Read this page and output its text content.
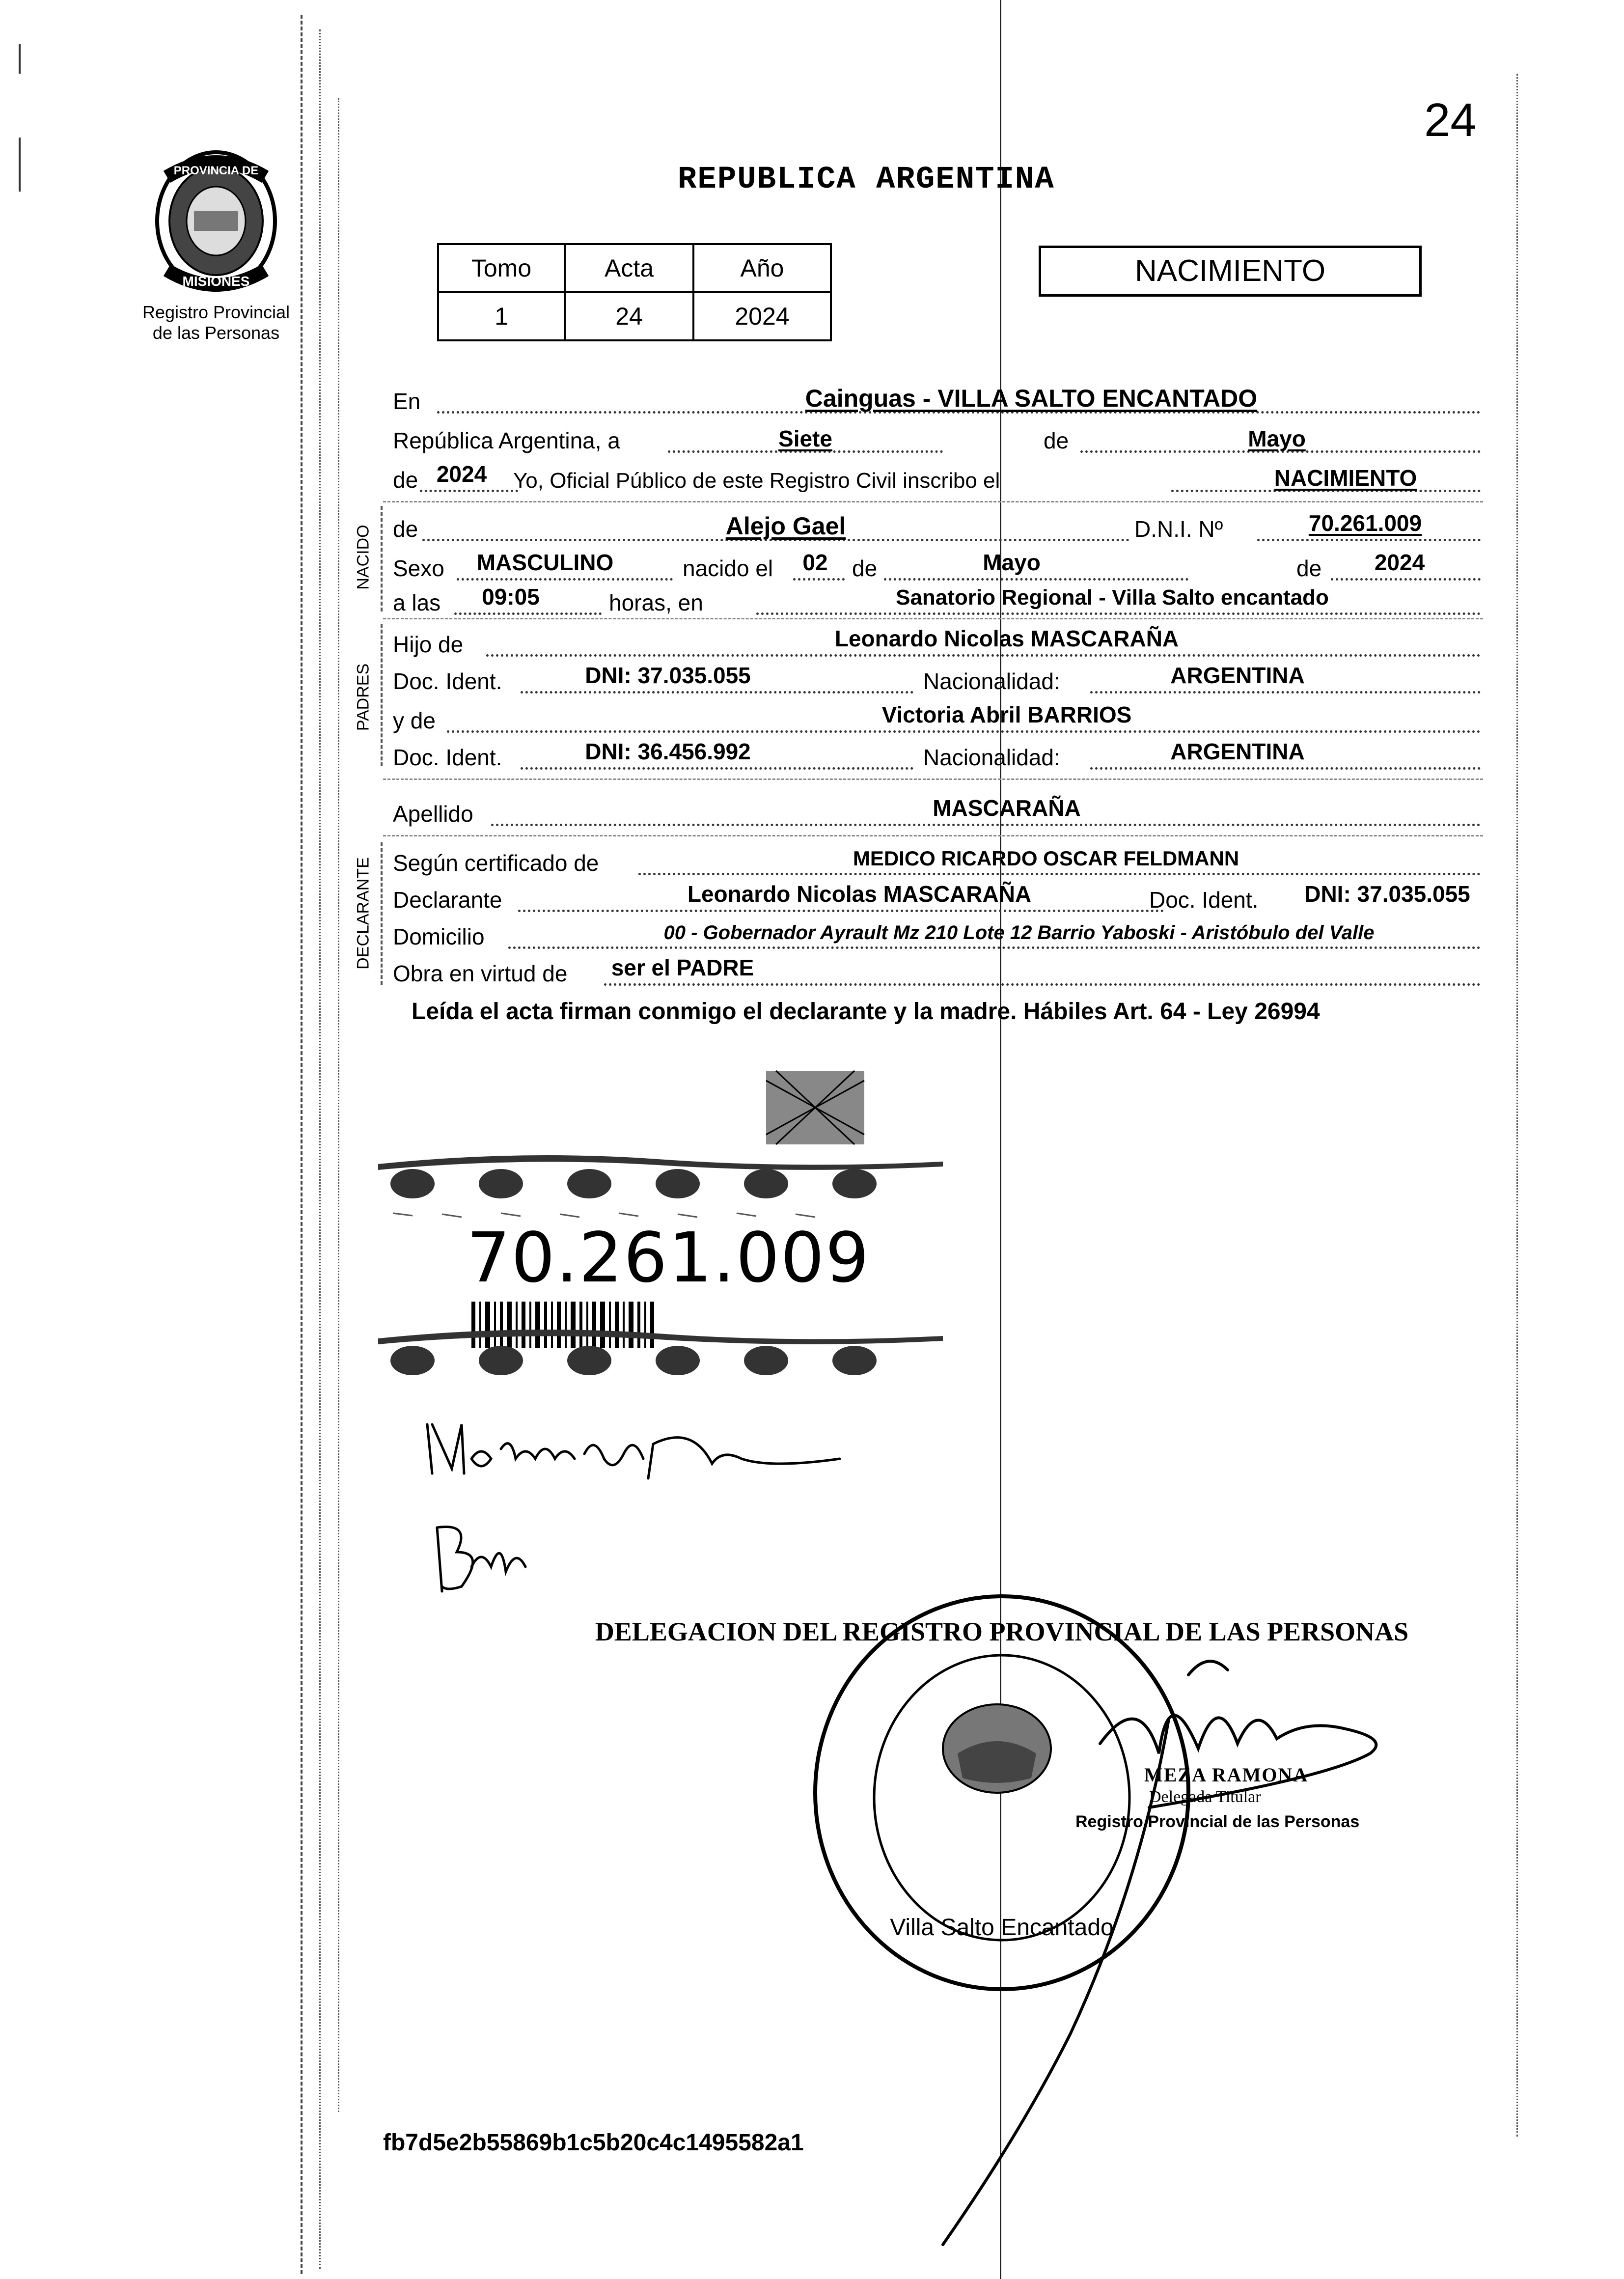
24
PROVINCIA DE
MISIONES
Registro Provincial
de las Personas
REPUBLICA ARGENTINA
Tomo	Acta	Año
1	24	2024
NACIMIENTO
En	Cainguas - VILLA SALTO ENCANTADO
República Argentina, a	Siete	de	Mayo
de 2024	Yo, Oficial Público de este Registro Civil inscribo el	NACIMIENTO
NACIDO de	Alejo Gael	D.N.I. Nº	70.261.009
Sexo	MASCULINO	nacido el	02	de	Mayo	de	2024
a las	09:05	horas, en	Sanatorio Regional - Villa Salto encantado
PADRES
Hijo de	Leonardo Nicolas MASCARAÑA
Doc. Ident.	DNI: 37.035.055	Nacionalidad:	ARGENTINA
y de	Victoria Abril BARRIOS
Doc. Ident.	DNI: 36.456.992	Nacionalidad:	ARGENTINA
Apellido	MASCARAÑA
DECLARANTE Según certificado de	MEDICO RICARDO OSCAR FELDMANN
Declarante	Leonardo Nicolas MASCARAÑA	Doc. Ident.	DNI: 37.035.055
Domicilio	00 - Gobernador Ayrault Mz 210 Lote 12 Barrio Yaboski - Aristóbulo del Valle
Obra en virtud de ser el PADRE
Leída el acta firman conmigo el declarante y la madre. Hábiles Art. 64 - Ley 26994
70.261.009
DELEGACION DEL REGISTRO PROVINCIAL DE LAS PERSONAS
Villa Salto Encantado
MEZA RAMONA
Delegada Titular
Registro Provincial de las Personas
fb7d5e2b55869b1c5b20c4c1495582a1
